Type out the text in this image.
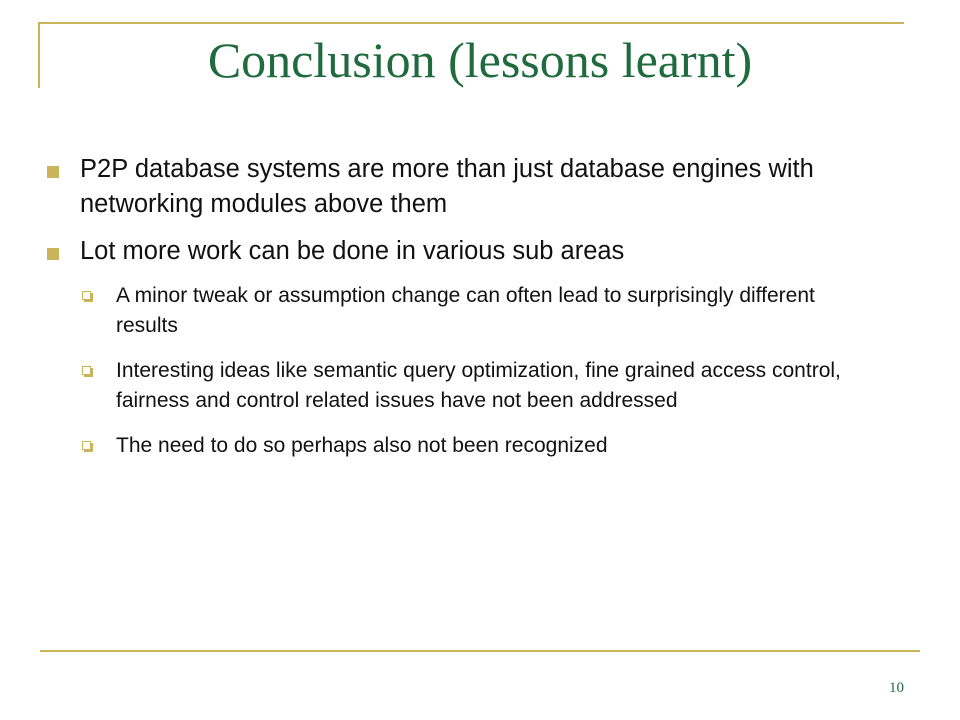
Conclusion (lessons learnt)
P2P database systems are more than just database engines with networking modules above them
Lot more work can be done in various sub areas
A minor tweak or assumption change can often lead to surprisingly different results
Interesting ideas like semantic query optimization, fine grained access control, fairness and control related issues have not been addressed
The need to do so perhaps also not been recognized
10
